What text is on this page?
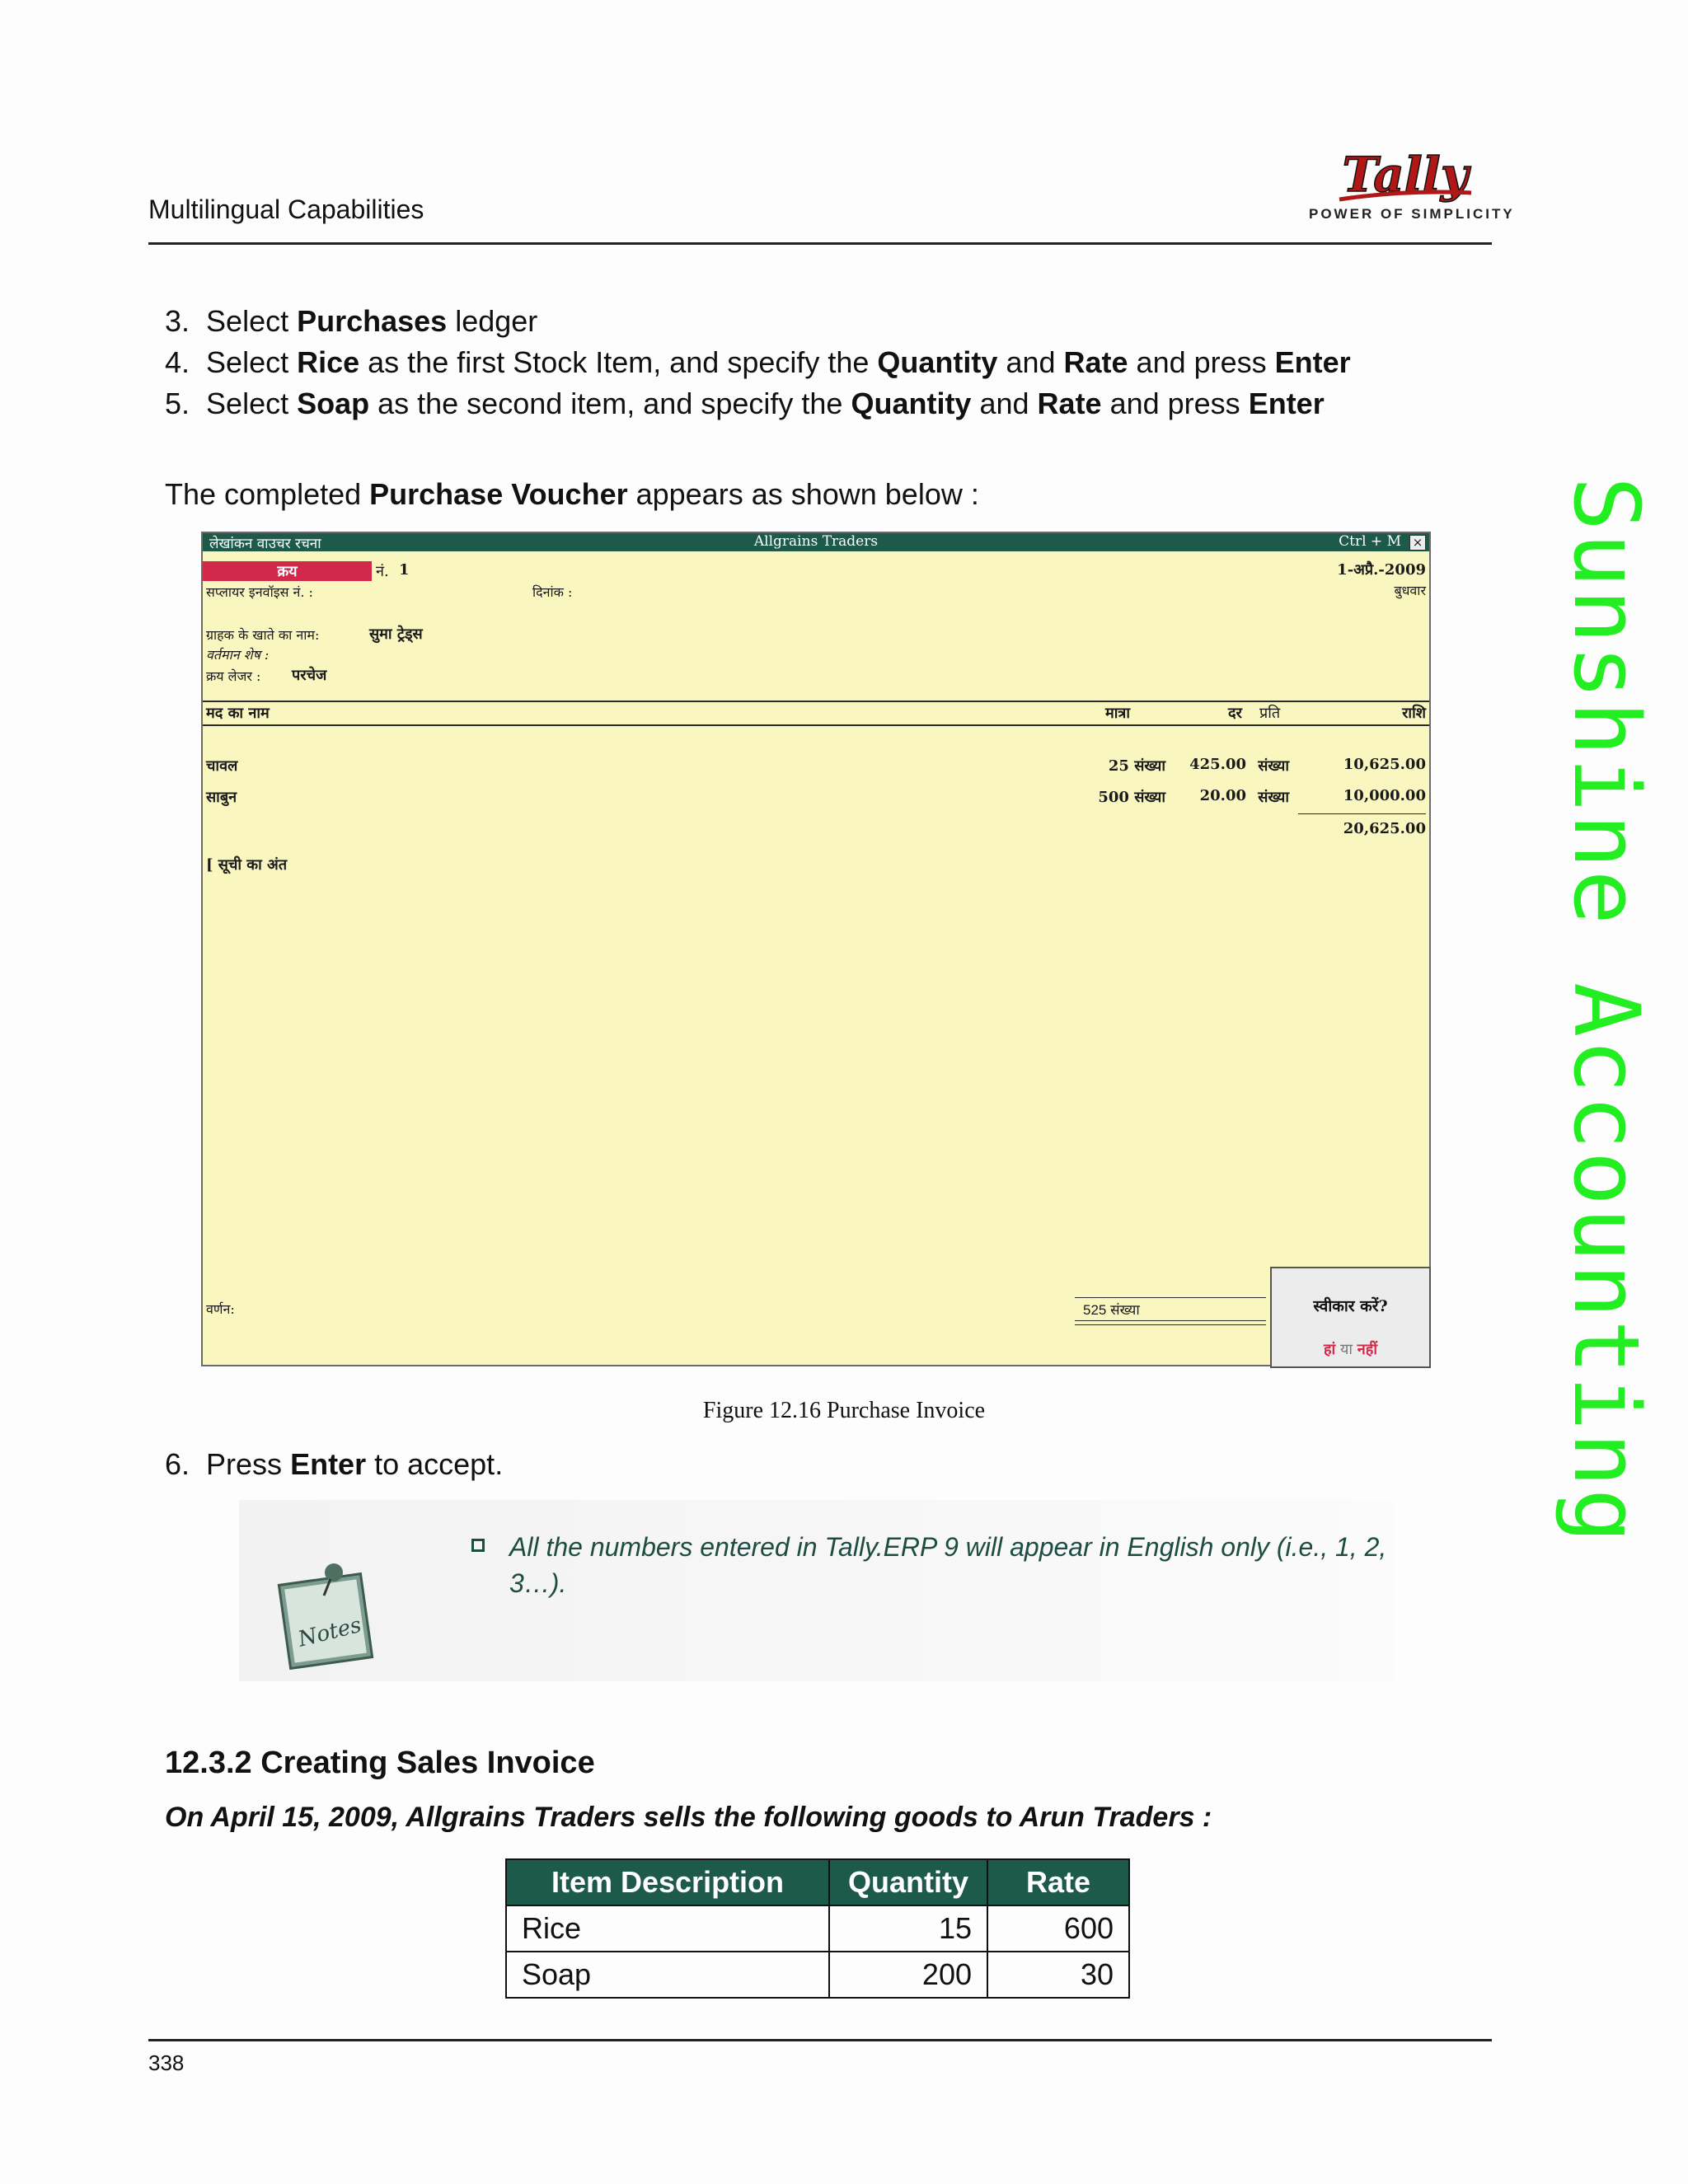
Multilingual Capabilities
Tally
POWER OF SIMPLICITY
3.  Select Purchases ledger
4.  Select Rice as the first Stock Item, and specify the Quantity and Rate and press Enter
5.  Select Soap as the second item, and specify the Quantity and Rate and press Enter
The completed Purchase Voucher appears as shown below :
लेखांकन वाउचर रचना	Allgrains Traders	Ctrl + M ×
क्रय	नं. 1	1-अप्रै.-2009
बुधवार
सप्लायर इनवॉइस नं. :	दिनांक :
ग्राहक के खाते का नाम:	सुमा ट्रेड्स
वर्तमान शेष :
क्रय लेजर : परचेज
मद का नाम	मात्रा	दर प्रति	राशि
चावल	25 संख्या 425.00 संख्या	10,625.00
साबुन	500 संख्या 20.00 संख्या	10,000.00
20,625.00
[ सूची का अंत
वर्णन:	525 संख्या	स्वीकार करें?
हां या नहीं
Figure 12.16 Purchase Invoice
6.  Press Enter to accept.
Notes
All the numbers entered in Tally.ERP 9 will appear in English only (i.e., 1, 2, 3…).
12.3.2 Creating Sales Invoice
On April 15, 2009, Allgrains Traders sells the following goods to Arun Traders :
Item Description	Quantity	Rate
Rice	15	600
Soap	200	30
338
Sunshine Accounting
